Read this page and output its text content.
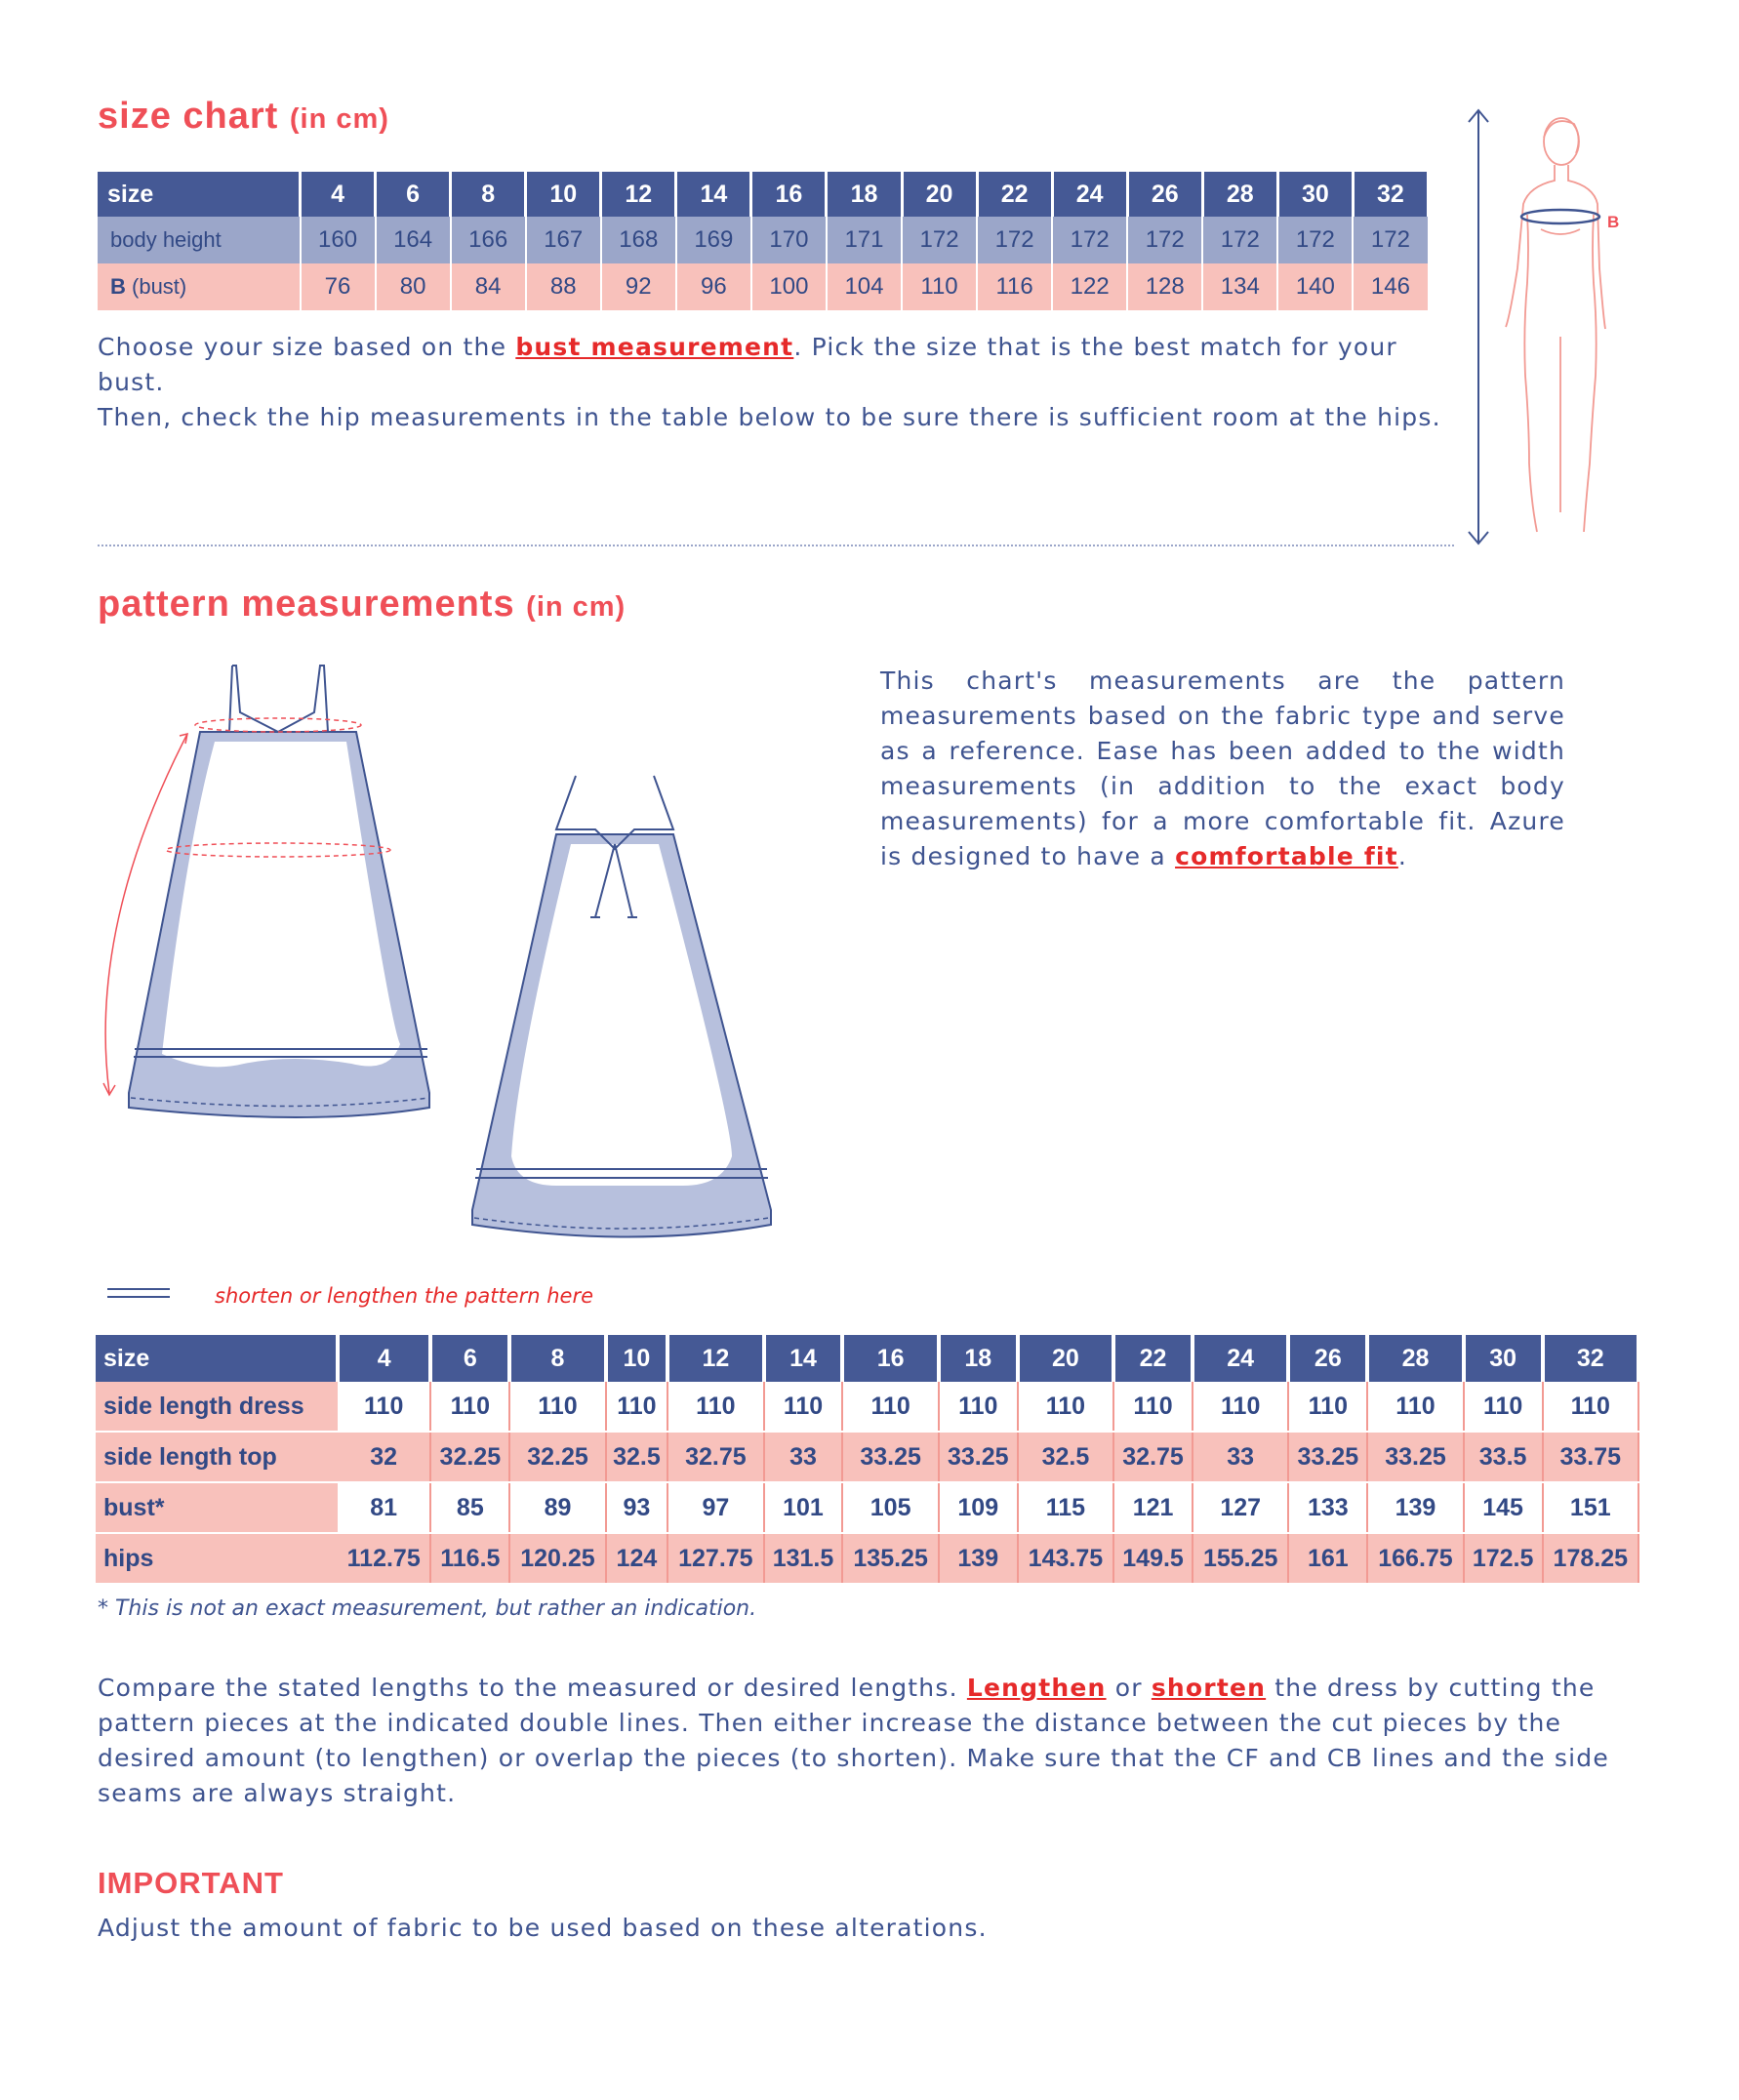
size chart (in cm)
size	4	6	8	10	12	14	16	18	20	22	24	26	28	30	32
body height	160	164	166	167	168	169	170	171	172	172	172	172	172	172	172
B (bust)	76	80	84	88	92	96	100	104	110	116	122	128	134	140	146
Choose your size based on the bust measurement. Pick the size that is the best match for your bust.
Then, check the hip measurements in the table below to be sure there is sufficient room at the hips.
B
pattern measurements (in cm)
This chart's measurements are the pattern measurements based on the fabric type and serve as a reference. Ease has been added to the width measurements (in addition to the exact body measurements) for a more comfortable fit. Azure is designed to have a comfortable fit.
shorten or lengthen the pattern here
size	4	6	8	10	12	14	16	18	20	22	24	26	28	30	32
side length dress	110	110	110	110	110	110	110	110	110	110	110	110	110	110	110
side length top	32	32.25	32.25	32.5	32.75	33	33.25	33.25	32.5	32.75	33	33.25	33.25	33.5	33.75
bust*	81	85	89	93	97	101	105	109	115	121	127	133	139	145	151
hips	112.75	116.5	120.25	124	127.75	131.5	135.25	139	143.75	149.5	155.25	161	166.75	172.5	178.25
* This is not an exact measurement, but rather an indication.
Compare the stated lengths to the measured or desired lengths. Lengthen or shorten the dress by cutting the pattern pieces at the indicated double lines. Then either increase the distance between the cut pieces by the desired amount (to lengthen) or overlap the pieces (to shorten). Make sure that the CF and CB lines and the side seams are always straight.
IMPORTANT
Adjust the amount of fabric to be used based on these alterations.
